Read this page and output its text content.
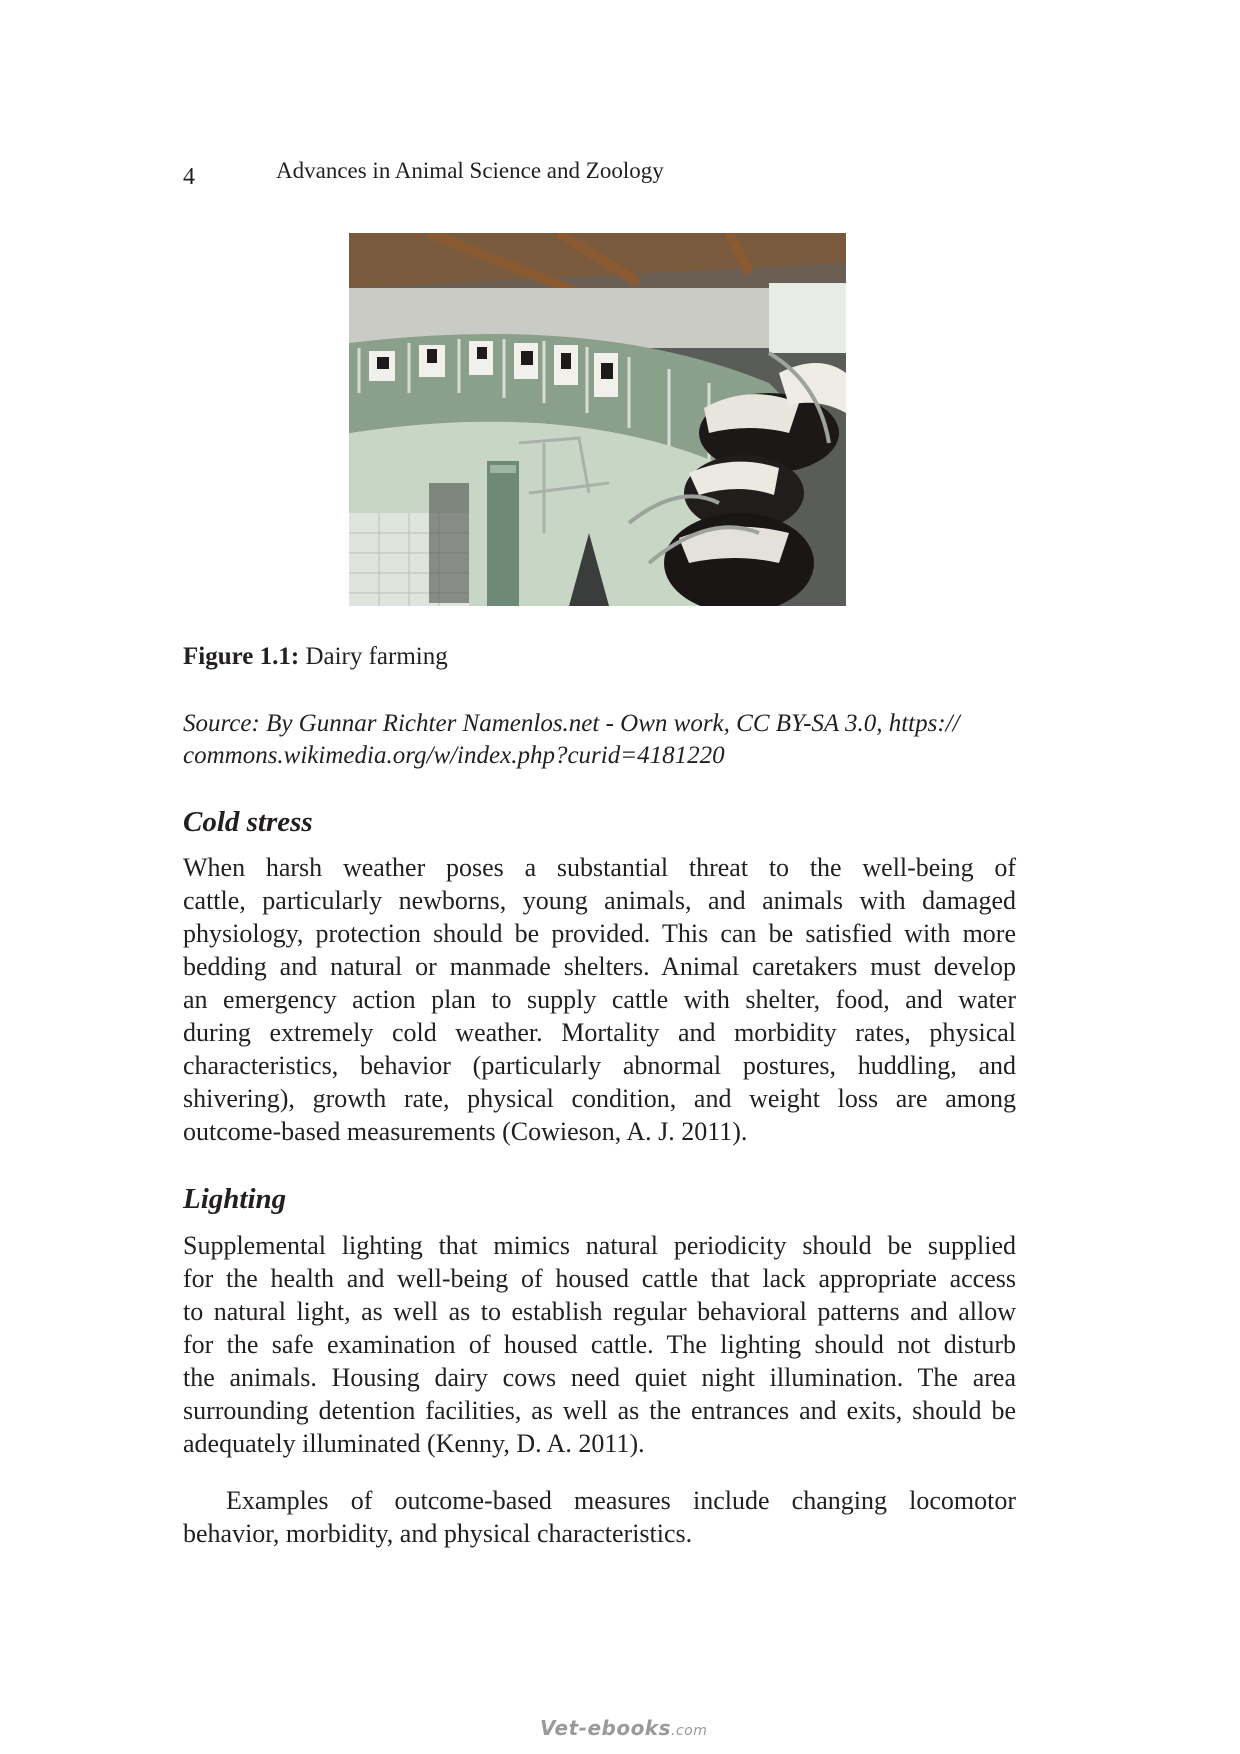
4	Advances in Animal Science and Zoology
Figure 1.1: Dairy farming
Source: By Gunnar Richter Namenlos.net - Own work, CC BY-SA 3.0, https://
commons.wikimedia.org/w/index.php?curid=4181220
Cold stress
When harsh weather poses a substantial threat to the well-being of
cattle, particularly newborns, young animals, and animals with damaged
physiology, protection should be provided. This can be satisfied with more
bedding and natural or manmade shelters. Animal caretakers must develop
an emergency action plan to supply cattle with shelter, food, and water
during extremely cold weather. Mortality and morbidity rates, physical
characteristics, behavior (particularly abnormal postures, huddling, and
shivering), growth rate, physical condition, and weight loss are among
outcome-based measurements (Cowieson, A. J. 2011).
Lighting
Supplemental lighting that mimics natural periodicity should be supplied
for the health and well-being of housed cattle that lack appropriate access
to natural light, as well as to establish regular behavioral patterns and allow
for the safe examination of housed cattle. The lighting should not disturb
the animals. Housing dairy cows need quiet night illumination. The area
surrounding detention facilities, as well as the entrances and exits, should be
adequately illuminated (Kenny, D. A. 2011).
Examples of outcome-based measures include changing locomotor
behavior, morbidity, and physical characteristics.
Vet-ebooks.com
